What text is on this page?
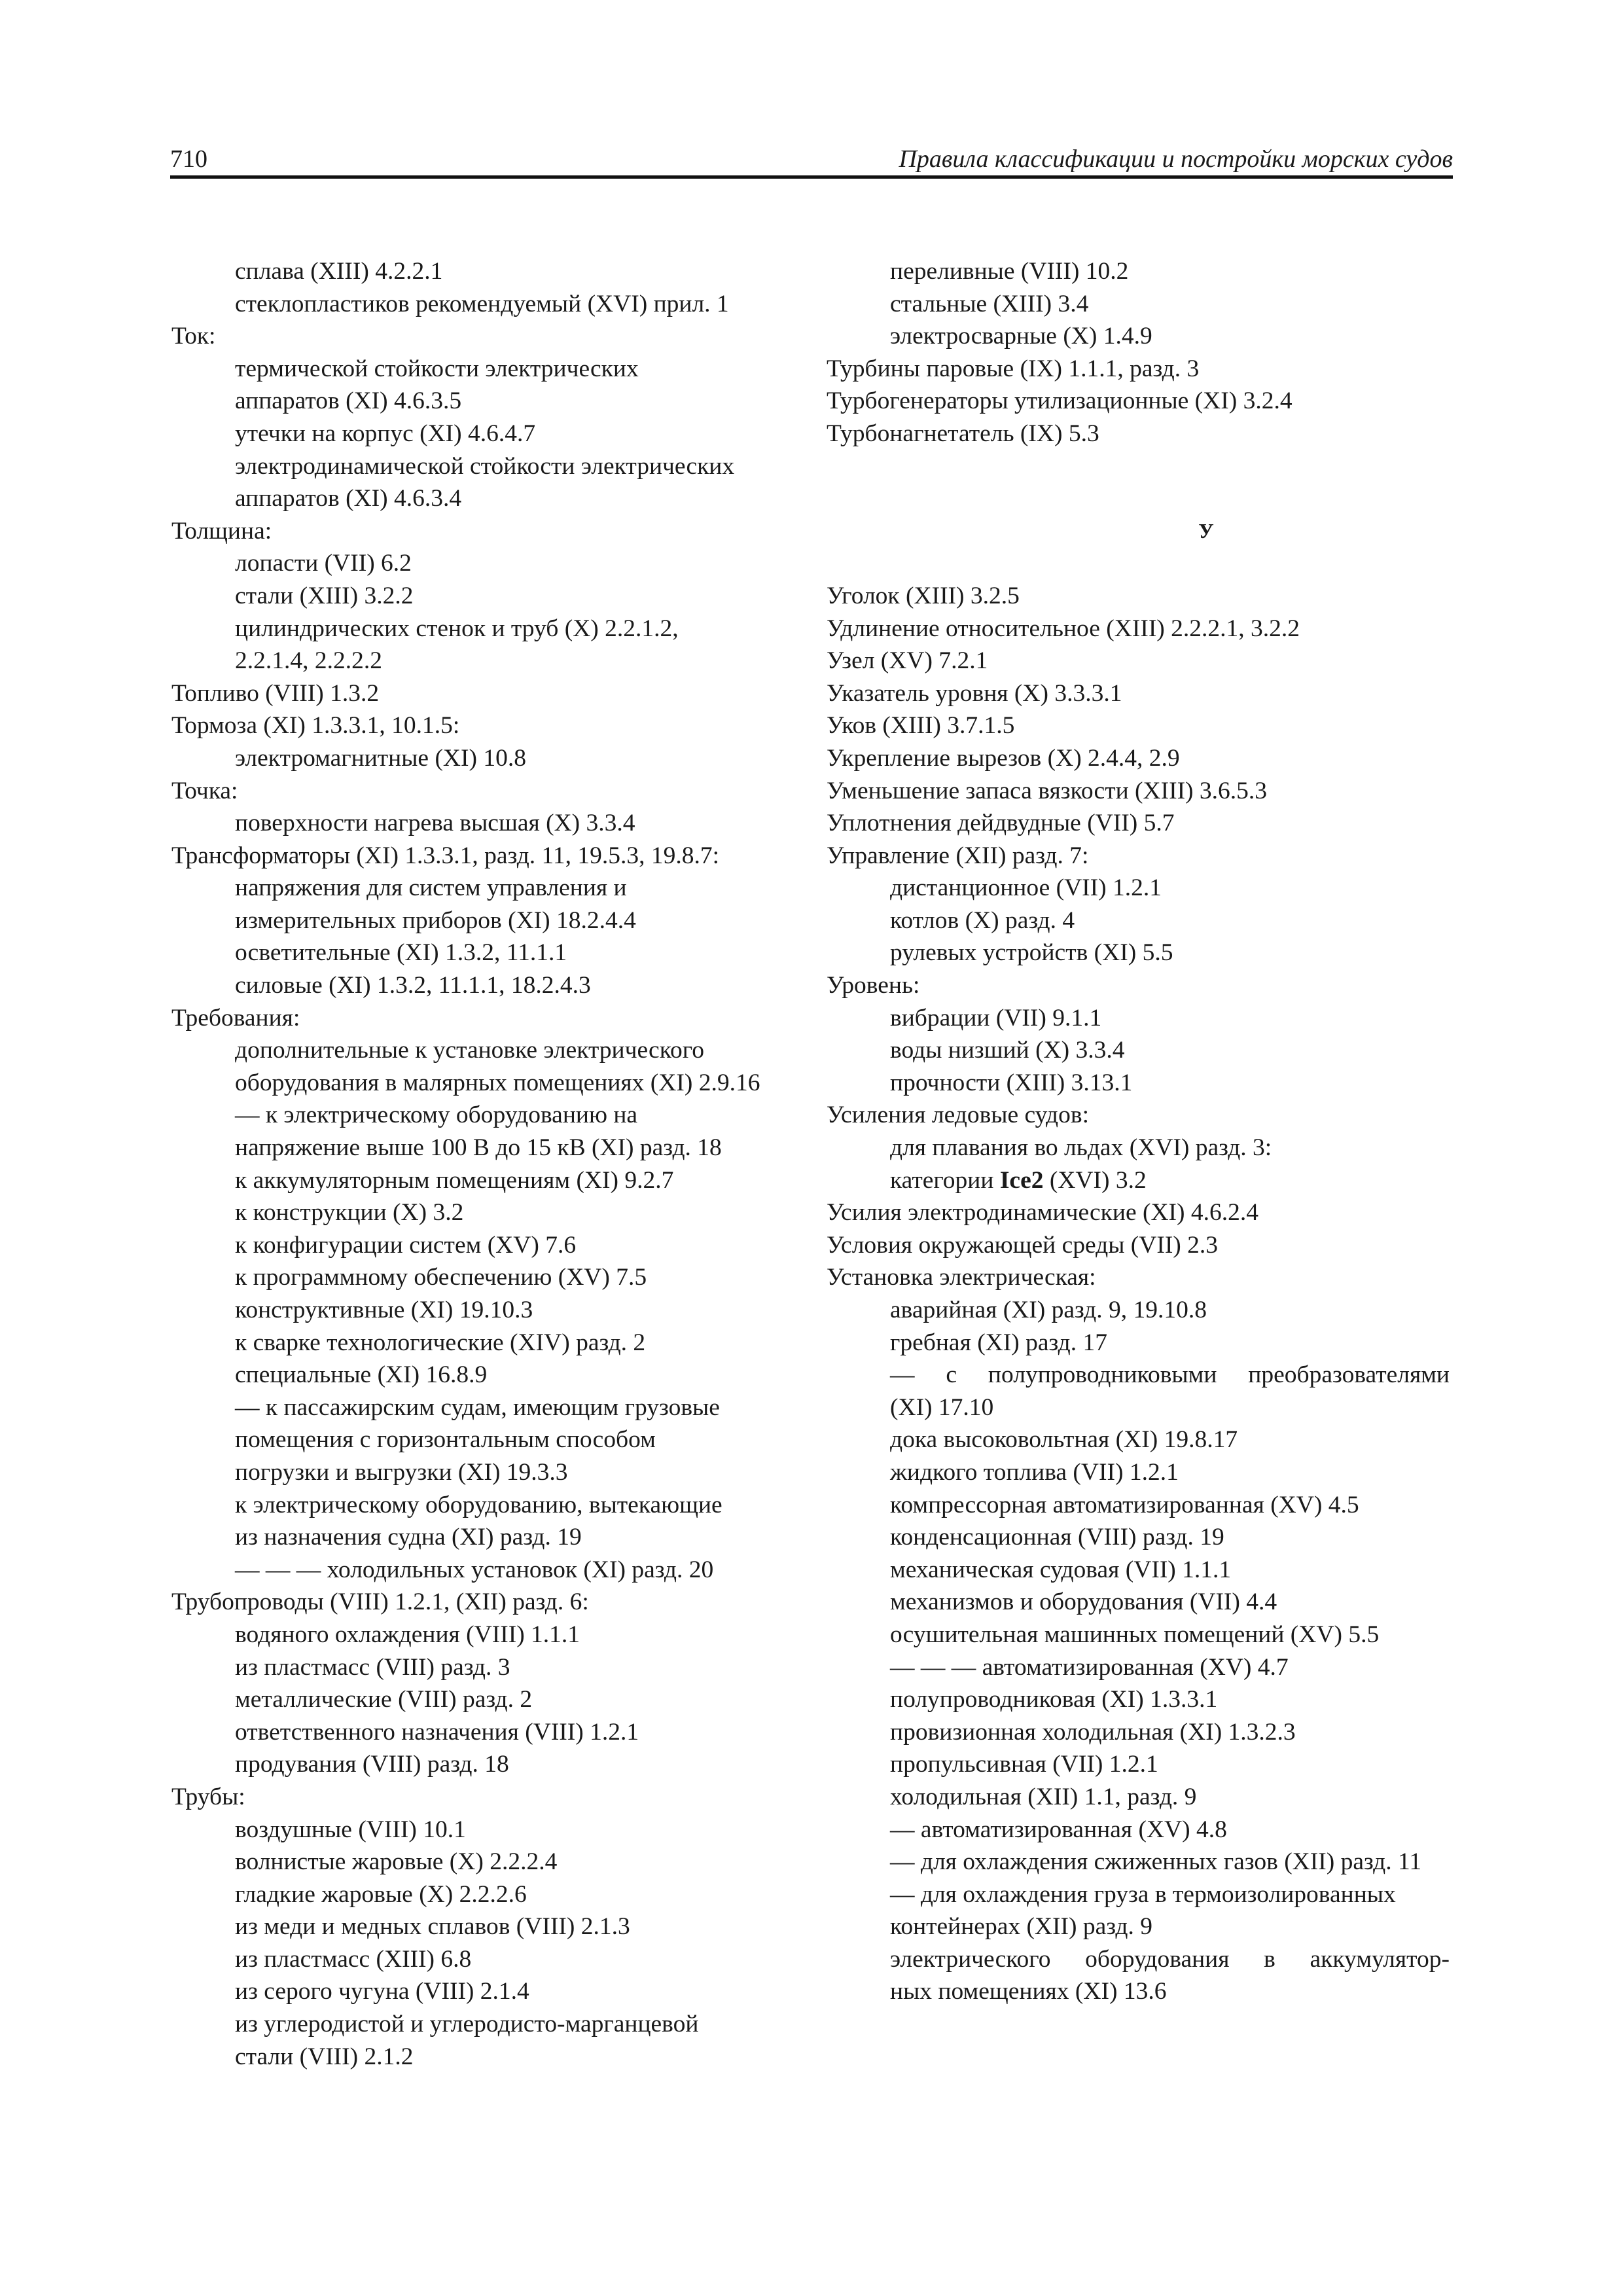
710	Правила классификации и постройки морских судов
сплава (XIII) 4.2.2.1
стеклопластиков рекомендуемый (XVI) прил. 1
Ток:
термической стойкости электрических
аппаратов (XI) 4.6.3.5
утечки на корпус (XI) 4.6.4.7
электродинамической стойкости электрических
аппаратов (XI) 4.6.3.4
Толщина:
лопасти (VII) 6.2
стали (XIII) 3.2.2
цилиндрических стенок и труб (X) 2.2.1.2,
2.2.1.4, 2.2.2.2
Топливо (VIII) 1.3.2
Тормоза (XI) 1.3.3.1, 10.1.5:
электромагнитные (XI) 10.8
Точка:
поверхности нагрева высшая (X) 3.3.4
Трансформаторы (XI) 1.3.3.1, разд. 11, 19.5.3, 19.8.7:
напряжения для систем управления и
измерительных приборов (XI) 18.2.4.4
осветительные (XI) 1.3.2, 11.1.1
силовые (XI) 1.3.2, 11.1.1, 18.2.4.3
Требования:
дополнительные к установке электрического
оборудования в малярных помещениях (XI) 2.9.16
— к электрическому оборудованию на
напряжение выше 100 В до 15 кВ (XI) разд. 18
к аккумуляторным помещениям (XI) 9.2.7
к конструкции (X) 3.2
к конфигурации систем (XV) 7.6
к программному обеспечению (XV) 7.5
конструктивные (XI) 19.10.3
к сварке технологические (XIV) разд. 2
специальные (XI) 16.8.9
— к пассажирским судам, имеющим грузовые
помещения с горизонтальным способом
погрузки и выгрузки (XI) 19.3.3
к электрическому оборудованию, вытекающие
из назначения судна (XI) разд. 19
— — — холодильных установок (XI) разд. 20
Трубопроводы (VIII) 1.2.1, (XII) разд. 6:
водяного охлаждения (VIII) 1.1.1
из пластмасс (VIII) разд. 3
металлические (VIII) разд. 2
ответственного назначения (VIII) 1.2.1
продувания (VIII) разд. 18
Трубы:
воздушные (VIII) 10.1
волнистые жаровые (X) 2.2.2.4
гладкие жаровые (X) 2.2.2.6
из меди и медных сплавов (VIII) 2.1.3
из пластмасс (XIII) 6.8
из серого чугуна (VIII) 2.1.4
из углеродистой и углеродисто-марганцевой
стали (VIII) 2.1.2
переливные (VIII) 10.2
стальные (XIII) 3.4
электросварные (X) 1.4.9
Турбины паровые (IX) 1.1.1, разд. 3
Турбогенераторы утилизационные (XI) 3.2.4
Турбонагнетатель (IX) 5.3
У
Уголок (XIII) 3.2.5
Удлинение относительное (XIII) 2.2.2.1, 3.2.2
Узел (XV) 7.2.1
Указатель уровня (X) 3.3.3.1
Уков (XIII) 3.7.1.5
Укрепление вырезов (X) 2.4.4, 2.9
Уменьшение запаса вязкости (XIII) 3.6.5.3
Уплотнения дейдвудные (VII) 5.7
Управление (XII) разд. 7:
дистанционное (VII) 1.2.1
котлов (X) разд. 4
рулевых устройств (XI) 5.5
Уровень:
вибрации (VII) 9.1.1
воды низший (X) 3.3.4
прочности (XIII) 3.13.1
Усиления ледовые судов:
для плавания во льдах (XVI) разд. 3:
категории Ice2 (XVI) 3.2
Усилия электродинамические (XI) 4.6.2.4
Условия окружающей среды (VII) 2.3
Установка электрическая:
аварийная (XI) разд. 9, 19.10.8
гребная (XI) разд. 17
— с полупроводниковыми преобразователями
(XI) 17.10
дока высоковольтная (XI) 19.8.17
жидкого топлива (VII) 1.2.1
компрессорная автоматизированная (XV) 4.5
конденсационная (VIII) разд. 19
механическая судовая (VII) 1.1.1
механизмов и оборудования (VII) 4.4
осушительная машинных помещений (XV) 5.5
— — — автоматизированная (XV) 4.7
полупроводниковая (XI) 1.3.3.1
провизионная холодильная (XI) 1.3.2.3
пропульсивная (VII) 1.2.1
холодильная (XII) 1.1, разд. 9
— автоматизированная (XV) 4.8
— для охлаждения сжиженных газов (XII) разд. 11
— для охлаждения груза в термоизолированных
контейнерах (XII) разд. 9
электрического оборудования в аккумулятор-
ных помещениях (XI) 13.6
